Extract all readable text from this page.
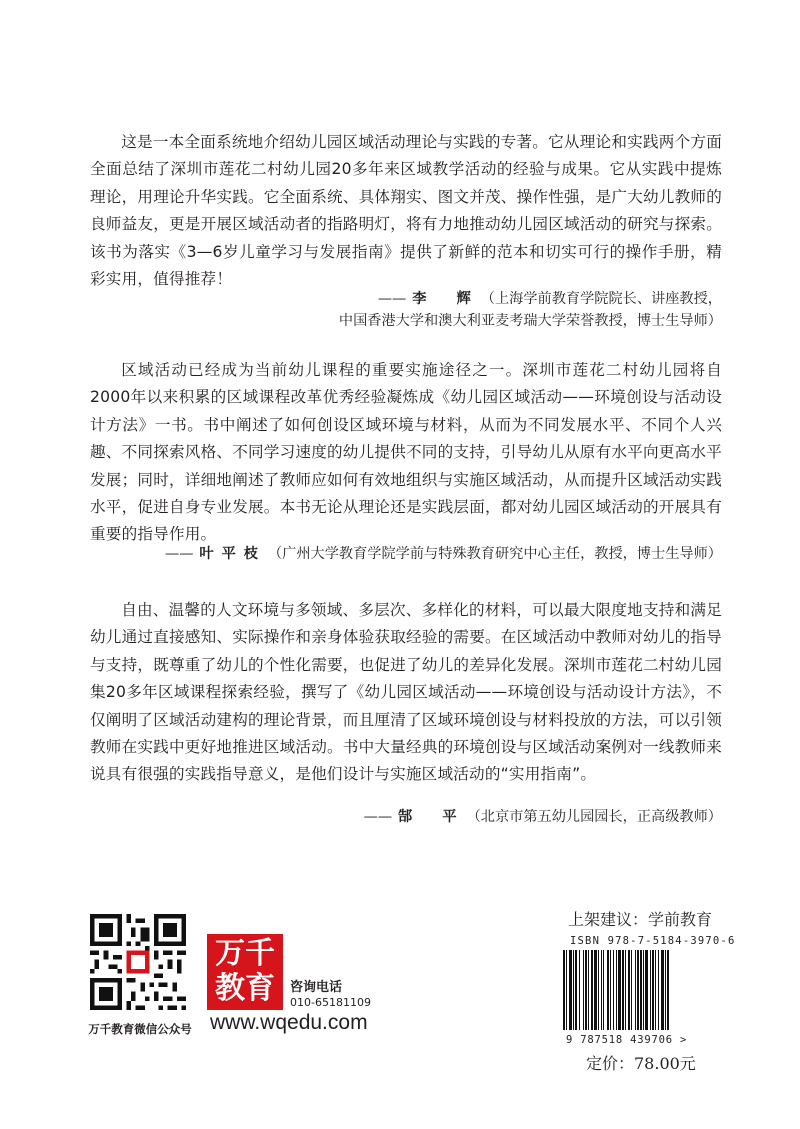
这是一本全面系统地介绍幼儿园区域活动理论与实践的专著。它从理论和实践两个方面全面总结了深圳市莲花二村幼儿园20多年来区域教学活动的经验与成果。它从实践中提炼理论，用理论升华实践。它全面系统、具体翔实、图文并茂、操作性强，是广大幼儿教师的良师益友，更是开展区域活动者的指路明灯，将有力地推动幼儿园区域活动的研究与探索。该书为落实《3—6岁儿童学习与发展指南》提供了新鲜的范本和切实可行的操作手册，精彩实用，值得推荐！

—— 李　辉 （上海学前教育学院院长、讲座教授，
中国香港大学和澳大利亚麦考瑞大学荣誉教授，博士生导师）

区域活动已经成为当前幼儿课程的重要实施途径之一。深圳市莲花二村幼儿园将自2000年以来积累的区域课程改革优秀经验凝炼成《幼儿园区域活动——环境创设与活动设计方法》一书。书中阐述了如何创设区域环境与材料，从而为不同发展水平、不同个人兴趣、不同探索风格、不同学习速度的幼儿提供不同的支持，引导幼儿从原有水平向更高水平发展；同时，详细地阐述了教师应如何有效地组织与实施区域活动，从而提升区域活动实践水平，促进自身专业发展。本书无论从理论还是实践层面，都对幼儿园区域活动的开展具有重要的指导作用。

—— 叶平枝 （广州大学教育学院学前与特殊教育研究中心主任，教授，博士生导师）

自由、温馨的人文环境与多领域、多层次、多样化的材料，可以最大限度地支持和满足幼儿通过直接感知、实际操作和亲身体验获取经验的需要。在区域活动中教师对幼儿的指导与支持，既尊重了幼儿的个性化需要，也促进了幼儿的差异化发展。深圳市莲花二村幼儿园集20多年区域课程探索经验，撰写了《幼儿园区域活动——环境创设与活动设计方法》，不仅阐明了区域活动建构的理论背景，而且厘清了区域环境创设与材料投放的方法，可以引领教师在实践中更好地推进区域活动。书中大量经典的环境创设与区域活动案例对一线教师来说具有很强的实践指导意义，是他们设计与实施区域活动的“实用指南”。

—— 郜　平 （北京市第五幼儿园园长，正高级教师）
万千教育微信公众号
万千
教育	咨询电话
010-65181109
www.wqedu.com
上架建议：学前教育
ISBN 978-7-5184-3970-6
9 787518 439706 >
定价：78.00元
